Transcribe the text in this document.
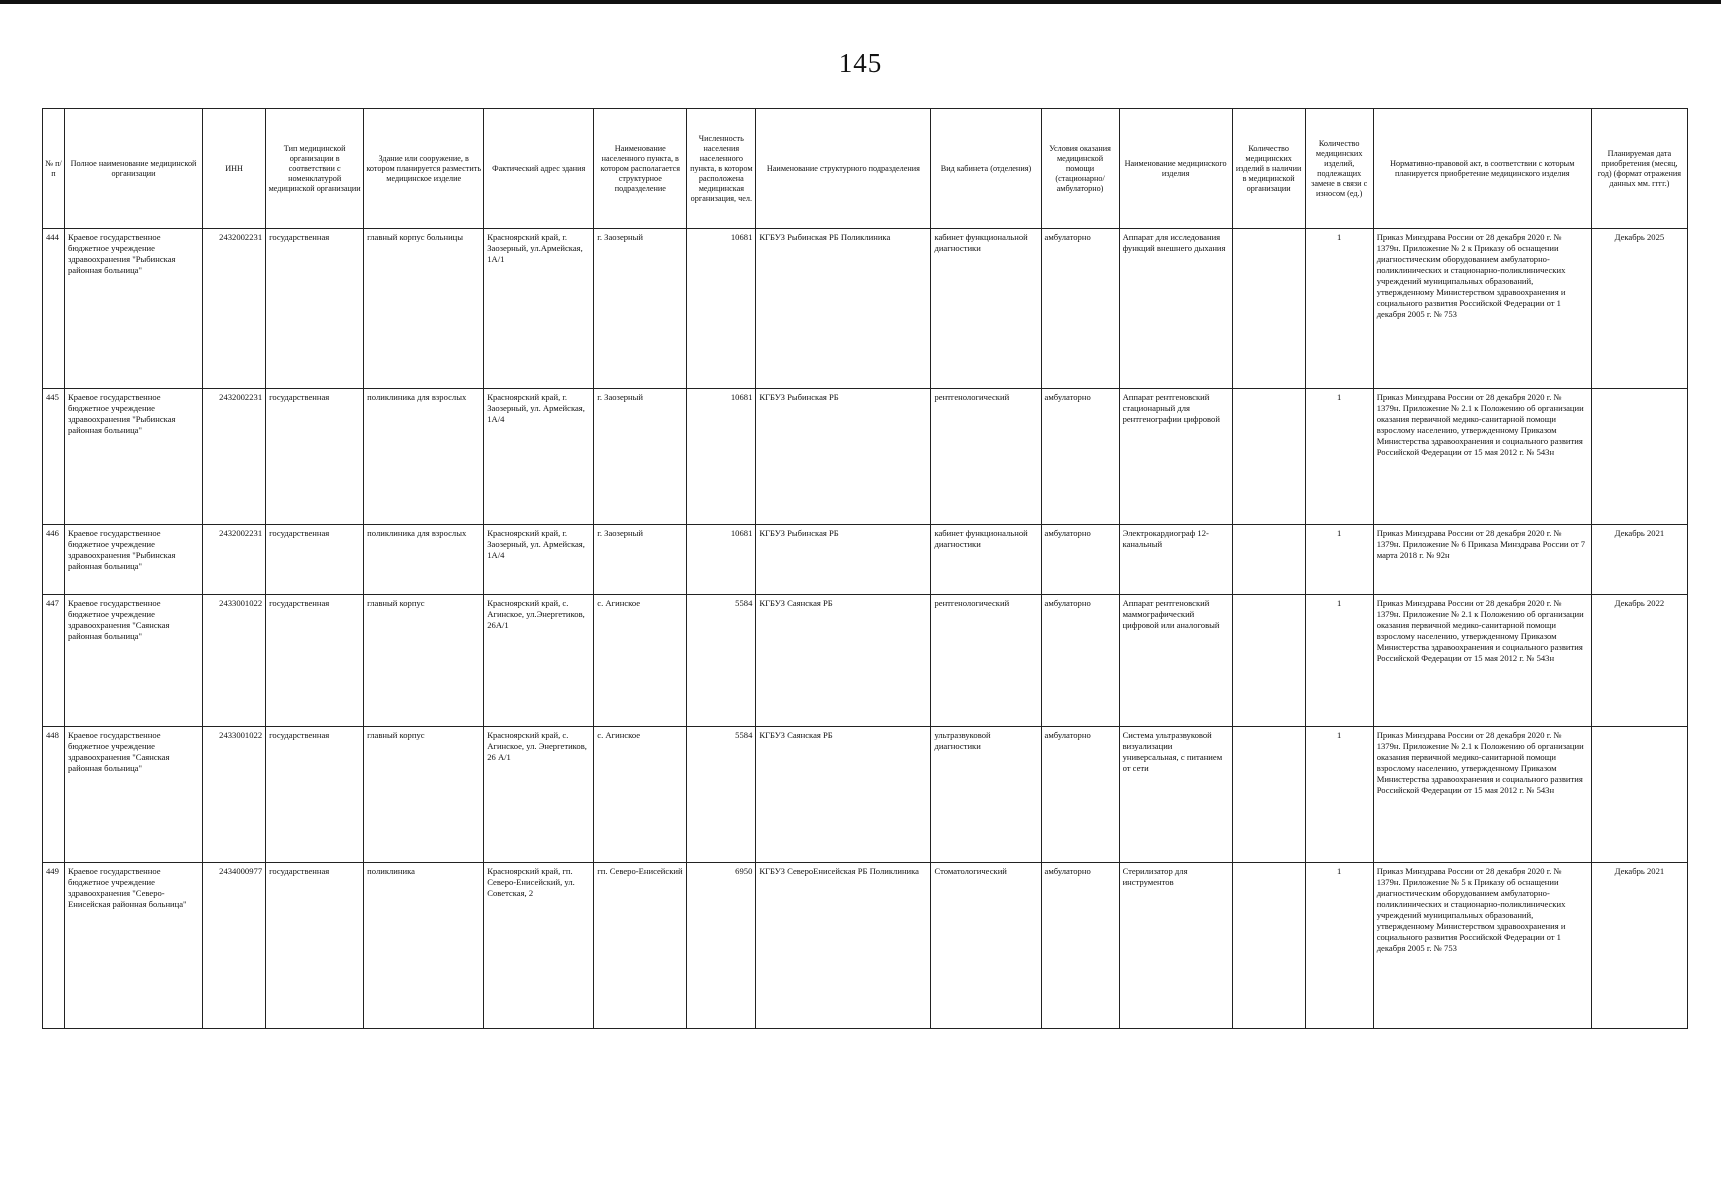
145
№ п/п	Полное наименование медицинской организации	ИНН	Тип медицинской организации в соответствии с номенклатурой медицинской организации	Здание или сооружение, в котором планируется разместить медицинское изделие	Фактический адрес здания	Наименование населенного пункта, в котором располагается структурное подразделение	Численность населения населенного пункта, в котором расположена медицинская организация, чел.	Наименование структурного подразделения	Вид кабинета (отделения)	Условия оказания медицинской помощи (стационарно/ амбулаторно)	Наименование медицинского изделия	Количество медицинских изделий в наличии в медицинской организации	Количество медицинских изделий, подлежащих замене в связи с износом (ед.)	Нормативно-правовой акт, в соответствии с которым планируется приобретение медицинского изделия	Планируемая дата приобретения (месяц, год) (формат отражения данных мм. гггг.)
444	Краевое государственное бюджетное учреждение здравоохранения "Рыбинская районная больница"	2432002231	государственная	главный корпус больницы	Красноярский край, г. Заозерный, ул.Армейская, 1А/1	г. Заозерный	10681	КГБУЗ Рыбинская РБ Поликлиника	кабинет функциональной диагностики	амбулаторно	Аппарат для исследования функций внешнего дыхания		1	Приказ Минздрава России от 28 декабря 2020 г. № 1379н. Приложение № 2 к Приказу об оснащении диагностическим оборудованием амбулаторно-поликлинических и стационарно-поликлинических учреждений муниципальных образований, утвержденному Министерством здравоохранения и социального развития Российской Федерации от 1 декабря 2005 г. № 753	Декабрь 2025
445	Краевое государственное бюджетное учреждение здравоохранения "Рыбинская районная больница"	2432002231	государственная	поликлиника для взрослых	Красноярский край, г. Заозерный, ул. Армейская, 1А/4	г. Заозерный	10681	КГБУЗ Рыбинская РБ	рентгенологический	амбулаторно	Аппарат рентгеновский стационарный для рентгенографии цифровой		1	Приказ Минздрава России от 28 декабря 2020 г. № 1379н. Приложение № 2.1 к Положению об организации оказания первичной медико-санитарной помощи взрослому населению, утвержденному Приказом Министерства здравоохранения и социального развития Российской Федерации от 15 мая 2012 г. № 543н	
446	Краевое государственное бюджетное учреждение здравоохранения "Рыбинская районная больница"	2432002231	государственная	поликлиника для взрослых	Красноярский край, г. Заозерный, ул. Армейская, 1А/4	г. Заозерный	10681	КГБУЗ Рыбинская РБ	кабинет функциональной диагностики	амбулаторно	Электрокардиограф 12-канальный		1	Приказ Минздрава России от 28 декабря 2020 г. № 1379н. Приложение № 6 Приказа Минздрава России от 7 марта 2018 г. № 92н	Декабрь 2021
447	Краевое государственное бюджетное учреждение здравоохранения "Саянская районная больница"	2433001022	государственная	главный корпус	Красноярский край, с. Агинское, ул.Энергетиков, 26А/1	с. Агинское	5584	КГБУЗ Саянская РБ	рентгенологический	амбулаторно	Аппарат рентгеновский маммографический цифровой или аналоговый		1	Приказ Минздрава России от 28 декабря 2020 г. № 1379н. Приложение № 2.1 к Положению об организации оказания первичной медико-санитарной помощи взрослому населению, утвержденному Приказом Министерства здравоохранения и социального развития Российской Федерации от 15 мая 2012 г. № 543н	Декабрь 2022
448	Краевое государственное бюджетное учреждение здравоохранения "Саянская районная больница"	2433001022	государственная	главный корпус	Красноярский край, с. Агинское, ул. Энергетиков, 26 А/1	с. Агинское	5584	КГБУЗ Саянская РБ	ультразвуковой диагностики	амбулаторно	Система ультразвуковой визуализации универсальная, с питанием от сети		1	Приказ Минздрава России от 28 декабря 2020 г. № 1379н. Приложение № 2.1 к Положению об организации оказания первичной медико-санитарной помощи взрослому населению, утвержденному Приказом Министерства здравоохранения и социального развития Российской Федерации от 15 мая 2012 г. № 543н	
449	Краевое государственное бюджетное учреждение здравоохранения "Северо-Енисейская районная больница"	2434000977	государственная	поликлиника	Красноярский край, гп. Северо-Енисейский, ул. Советская, 2	гп. Северо-Енисейский	6950	КГБУЗ СевероЕнисейская РБ Поликлиника	Стоматологический	амбулаторно	Стерилизатор для инструментов		1	Приказ Минздрава России от 28 декабря 2020 г. № 1379н. Приложение № 5 к Приказу об оснащении диагностическим оборудованием амбулаторно-поликлинических и стационарно-поликлинических учреждений муниципальных образований, утвержденному Министерством здравоохранения и социального развития Российской Федерации от 1 декабря 2005 г. № 753	Декабрь 2021
